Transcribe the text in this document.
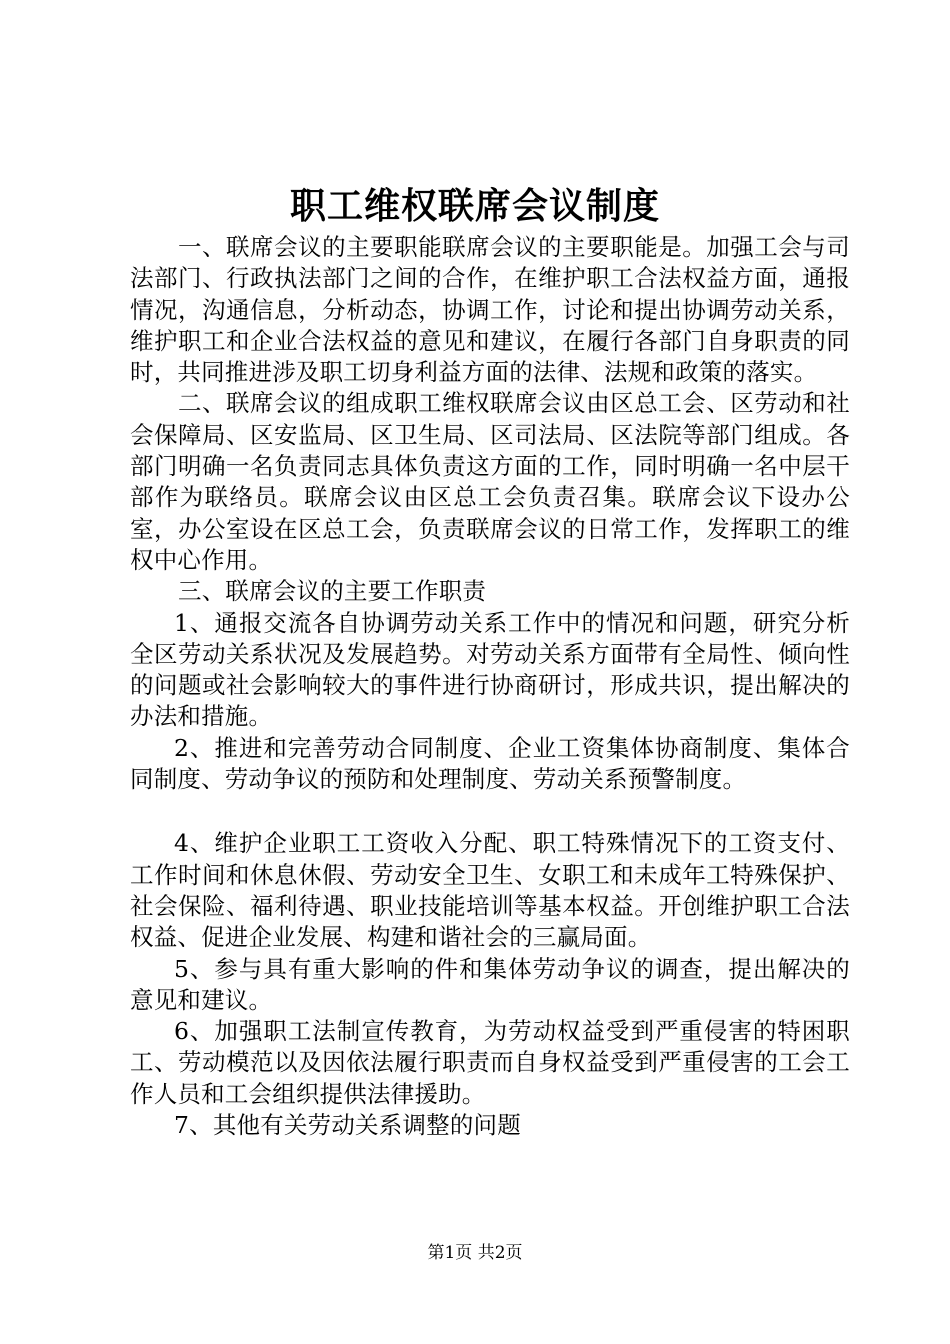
职工维权联席会议制度

一、联席会议的主要职能联席会议的主要职能是。加强工会与司法部门、行政执法部门之间的合作，在维护职工合法权益方面，通报情况，沟通信息，分析动态，协调工作，讨论和提出协调劳动关系，维护职工和企业合法权益的意见和建议，在履行各部门自身职责的同时，共同推进涉及职工切身利益方面的法律、法规和政策的落实。

二、联席会议的组成职工维权联席会议由区总工会、区劳动和社会保障局、区安监局、区卫生局、区司法局、区法院等部门组成。各部门明确一名负责同志具体负责这方面的工作，同时明确一名中层干部作为联络员。联席会议由区总工会负责召集。联席会议下设办公室，办公室设在区总工会，负责联席会议的日常工作，发挥职工的维权中心作用。

三、联席会议的主要工作职责

1、通报交流各自协调劳动关系工作中的情况和问题，研究分析全区劳动关系状况及发展趋势。对劳动关系方面带有全局性、倾向性的问题或社会影响较大的事件进行协商研讨，形成共识，提出解决的办法和措施。

2、推进和完善劳动合同制度、企业工资集体协商制度、集体合同制度、劳动争议的预防和处理制度、劳动关系预警制度。

4、维护企业职工工资收入分配、职工特殊情况下的工资支付、工作时间和休息休假、劳动安全卫生、女职工和未成年工特殊保护、社会保险、福利待遇、职业技能培训等基本权益。开创维护职工合法权益、促进企业发展、构建和谐社会的三赢局面。

5、参与具有重大影响的件和集体劳动争议的调查，提出解决的意见和建议。

6、加强职工法制宣传教育，为劳动权益受到严重侵害的特困职工、劳动模范以及因依法履行职责而自身权益受到严重侵害的工会工作人员和工会组织提供法律援助。

7、其他有关劳动关系调整的问题

第1页 共2页
